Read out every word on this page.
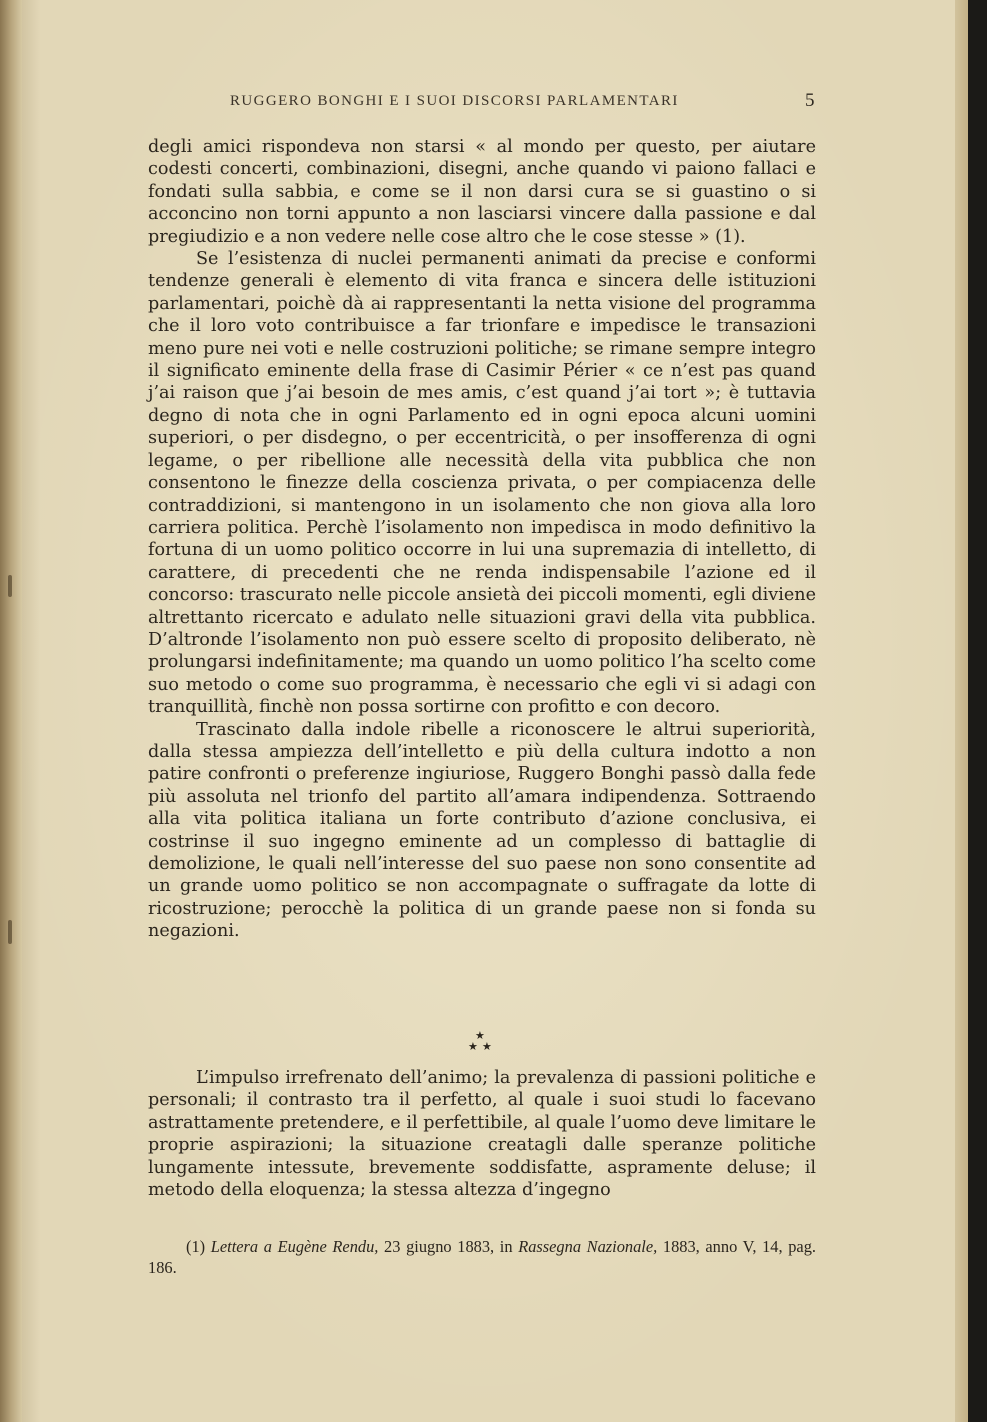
RUGGERO BONGHI E I SUOI DISCORSI PARLAMENTARI	5

degli amici rispondeva non starsi « al mondo per questo, per aiutare codesti concerti, combinazioni, disegni, anche quando vi paiono fallaci e fondati sulla sabbia, e come se il non darsi cura se si guastino o si acconcino non torni appunto a non lasciarsi vincere dalla passione e dal pregiudizio e a non vedere nelle cose altro che le cose stesse » (1).

Se l’esistenza di nuclei permanenti animati da precise e conformi tendenze generali è elemento di vita franca e sincera delle istituzioni parlamentari, poichè dà ai rappresentanti la netta visione del programma che il loro voto contribuisce a far trionfare e impedisce le transazioni meno pure nei voti e nelle costruzioni politiche; se rimane sempre integro il significato eminente della frase di Casimir Périer « ce n’est pas quand j’ai raison que j’ai besoin de mes amis, c’est quand j’ai tort »; è tuttavia degno di nota che in ogni Parlamento ed in ogni epoca alcuni uomini superiori, o per disdegno, o per eccentricità, o per insofferenza di ogni legame, o per ribellione alle necessità della vita pubblica che non consentono le finezze della coscienza privata, o per compiacenza delle contraddizioni, si mantengono in un isolamento che non giova alla loro carriera politica. Perchè l’isolamento non impedisca in modo definitivo la fortuna di un uomo politico occorre in lui una supremazia di intelletto, di carattere, di precedenti che ne renda indispensabile l’azione ed il concorso: trascurato nelle piccole ansietà dei piccoli momenti, egli diviene altrettanto ricercato e adulato nelle situazioni gravi della vita pubblica. D’altronde l’isolamento non può essere scelto di proposito deliberato, nè prolungarsi indefinitamente; ma quando un uomo politico l’ha scelto come suo metodo o come suo programma, è necessario che egli vi si adagi con tranquillità, finchè non possa sortirne con profitto e con decoro.

Trascinato dalla indole ribelle a riconoscere le altrui superiorità, dalla stessa ampiezza dell’intelletto e più della cultura indotto a non patire confronti o preferenze ingiuriose, Ruggero Bonghi passò dalla fede più assoluta nel trionfo del partito all’amara indipendenza. Sottraendo alla vita politica italiana un forte contributo d’azione conclusiva, ei costrinse il suo ingegno eminente ad un complesso di battaglie di demolizione, le quali nell’interesse del suo paese non sono consentite ad un grande uomo politico se non accompagnate o suffragate da lotte di ricostruzione; perocchè la politica di un grande paese non si fonda su negazioni.

★
★ ★

L’impulso irrefrenato dell’animo; la prevalenza di passioni politiche e personali; il contrasto tra il perfetto, al quale i suoi studi lo facevano astrattamente pretendere, e il perfettibile, al quale l’uomo deve limitare le proprie aspirazioni; la situazione creatagli dalle speranze politiche lungamente intessute, brevemente soddisfatte, aspramente deluse; il metodo della eloquenza; la stessa altezza d’ingegno

(1) Lettera a Eugène Rendu, 23 giugno 1883, in Rassegna Nazionale, 1883, anno V, 14, pag. 186.
